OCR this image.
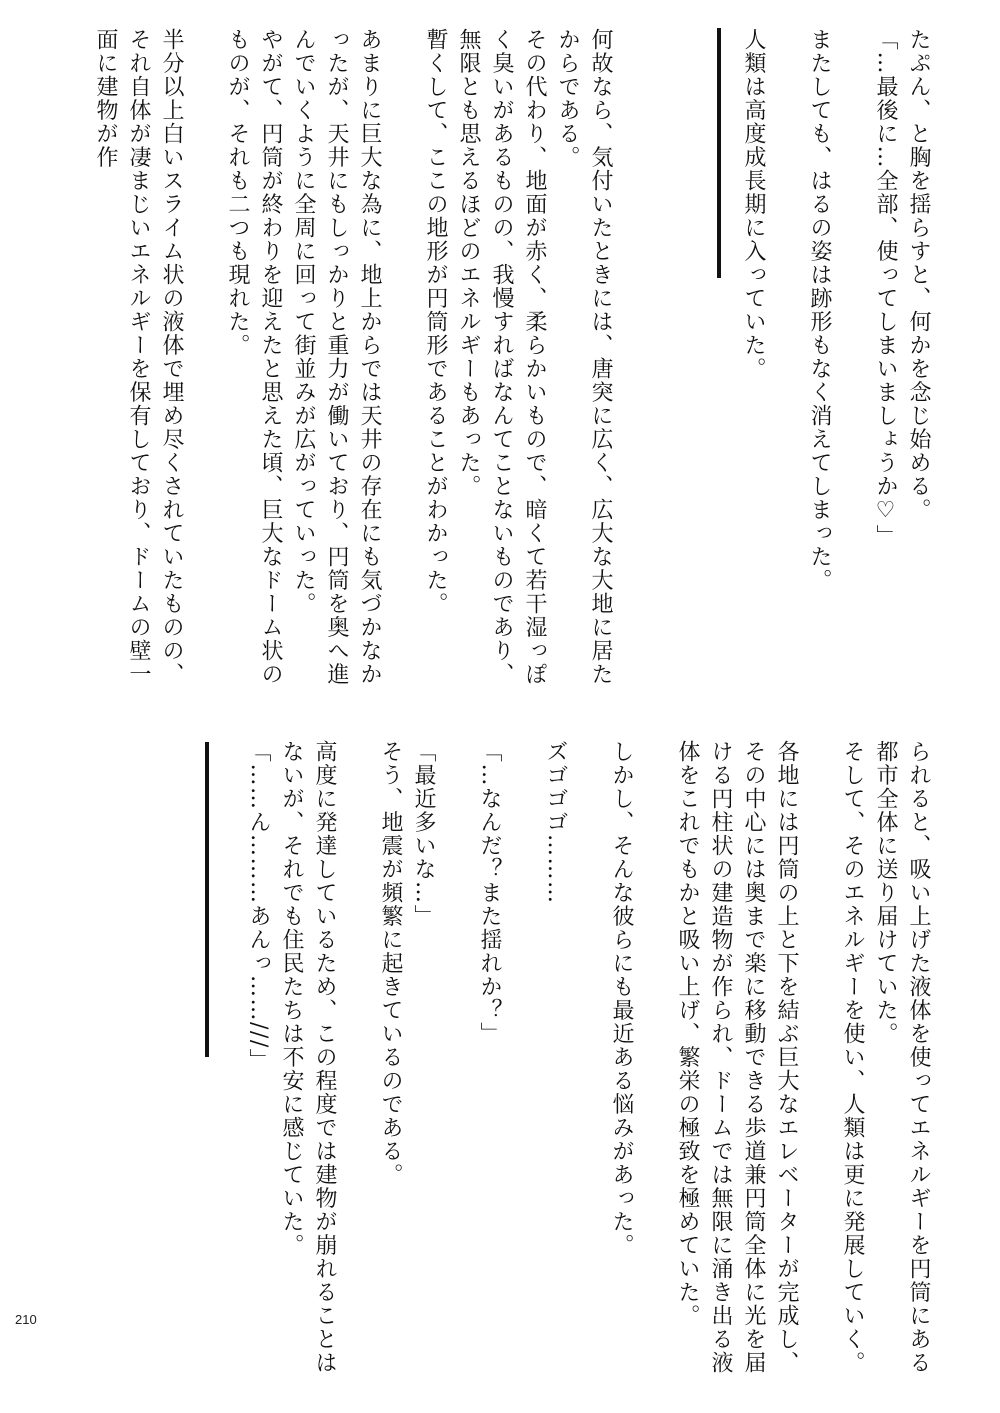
たぷん、と胸を揺らすと、何かを念じ始める。

「…最後に…全部、使ってしまいましょうか♡」

またしても、はるの姿は跡形もなく消えてしまった。

人類は高度成長期に入っていた。

何故なら、気付いたときには、唐突に広く、広大な大地に居たからである。

その代わり、地面が赤く、柔らかいもので、暗くて若干湿っぽく臭いがあるものの、我慢すればなんてことないものであり、無限とも思えるほどのエネルギーもあった。

暫くして、ここの地形が円筒形であることがわかった。

あまりに巨大な為に、地上からでは天井の存在にも気づかなかったが、天井にもしっかりと重力が働いており、円筒を奥へ進んでいくように全周に回って街並みが広がっていった。

やがて、円筒が終わりを迎えたと思えた頃、巨大なドーム状のものが、それも二つも現れた。

半分以上白いスライム状の液体で埋め尽くされていたものの、それ自体が凄まじいエネルギーを保有しており、ドームの壁一面に建物が作

られると、吸い上げた液体を使ってエネルギーを円筒にある都市全体に送り届けていた。

そして、そのエネルギーを使い、人類は更に発展していく。

各地には円筒の上と下を結ぶ巨大なエレベーターが完成し、その中心には奥まで楽に移動できる歩道兼円筒全体に光を届ける円柱状の建造物が作られ、ドームでは無限に涌き出る液体をこれでもかと吸い上げ、繁栄の極致を極めていた。

しかし、そんな彼らにも最近ある悩みがあった。

ズゴゴゴ………

「…なんだ？また揺れか？」

「最近多いな…」

そう、地震が頻繁に起きているのである。

高度に発達しているため、この程度では建物が崩れることはないが、それでも住民たちは不安に感じていた。

「……ん………あんっ……///」

210
